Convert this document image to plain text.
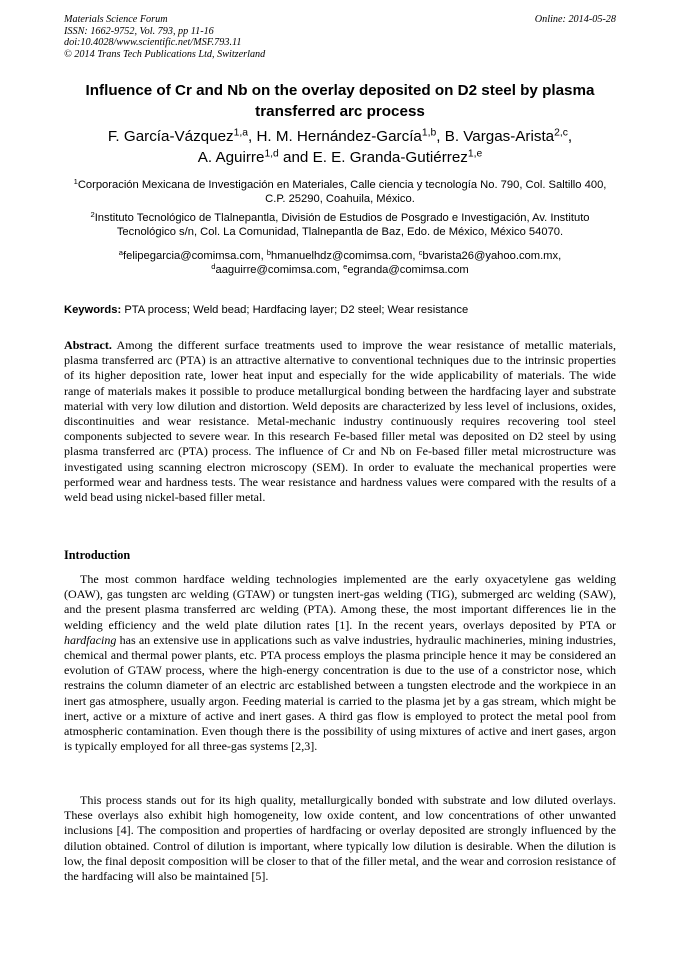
Materials Science Forum
ISSN: 1662-9752, Vol. 793, pp 11-16
doi:10.4028/www.scientific.net/MSF.793.11
© 2014 Trans Tech Publications Ltd, Switzerland
Online: 2014-05-28
Influence of Cr and Nb on the overlay deposited on D2 steel by plasma
transferred arc process
F. García-Vázquez$^{1,a}$, H. M. Hernández-García$^{1,b}$, B. Vargas-Arista$^{2,c}$,
A. Aguirre$^{1,d}$ and E. E. Granda-Gutiérrez$^{1,e}$
$^1$Corporación Mexicana de Investigación en Materiales, Calle ciencia y tecnología No. 790, Col. Saltillo 400, C.P. 25290, Coahuila, México.
$^2$Instituto Tecnológico de Tlalnepantla, División de Estudios de Posgrado e Investigación, Av. Instituto Tecnológico s/n, Col. La Comunidad, Tlalnepantla de Baz, Edo. de México, México 54070.
$^a$felipegarcia@comimsa.com, $^b$hmanuelhdz@comimsa.com, $^c$bvarista26@yahoo.com.mx,
$^d$aaguirre@comimsa.com, $^e$egranda@comimsa.com
Keywords: PTA process; Weld bead; Hardfacing layer; D2 steel; Wear resistance
Abstract. Among the different surface treatments used to improve the wear resistance of metallic materials, plasma transferred arc (PTA) is an attractive alternative to conventional techniques due to the intrinsic properties of its higher deposition rate, lower heat input and especially for the wide applicability of materials. The wide range of materials makes it possible to produce metallurgical bonding between the hardfacing layer and substrate material with very low dilution and distortion. Weld deposits are characterized by less level of inclusions, oxides, discontinuities and wear resistance. Metal-mechanic industry continuously requires recovering tool steel components subjected to severe wear. In this research Fe-based filler metal was deposited on D2 steel by using plasma transferred arc (PTA) process. The influence of Cr and Nb on Fe-based filler metal microstructure was investigated using scanning electron microscopy (SEM). In order to evaluate the mechanical properties were performed wear and hardness tests. The wear resistance and hardness values were compared with the results of a weld bead using nickel-based filler metal.
Introduction
The most common hardface welding technologies implemented are the early oxyacetylene gas welding (OAW), gas tungsten arc welding (GTAW) or tungsten inert-gas welding (TIG), submerged arc welding (SAW), and the present plasma transferred arc welding (PTA). Among these, the most important differences lie in the welding efficiency and the weld plate dilution rates [1]. In the recent years, overlays deposited by PTA or hardfacing has an extensive use in applications such as valve industries, hydraulic machineries, mining industries, chemical and thermal power plants, etc. PTA process employs the plasma principle hence it may be considered an evolution of GTAW process, where the high-energy concentration is due to the use of a constrictor nose, which restrains the column diameter of an electric arc established between a tungsten electrode and the workpiece in an inert gas atmosphere, usually argon. Feeding material is carried to the plasma jet by a gas stream, which might be inert, active or a mixture of active and inert gases. A third gas flow is employed to protect the metal pool from atmospheric contamination. Even though there is the possibility of using mixtures of active and inert gases, argon is typically employed for all three-gas systems [2,3].
This process stands out for its high quality, metallurgically bonded with substrate and low diluted overlays. These overlays also exhibit high homogeneity, low oxide content, and low concentrations of other unwanted inclusions [4]. The composition and properties of hardfacing or overlay deposited are strongly influenced by the dilution obtained. Control of dilution is important, where typically low dilution is desirable. When the dilution is low, the final deposit composition will be closer to that of the filler metal, and the wear and corrosion resistance of the hardfacing will also be maintained [5].
